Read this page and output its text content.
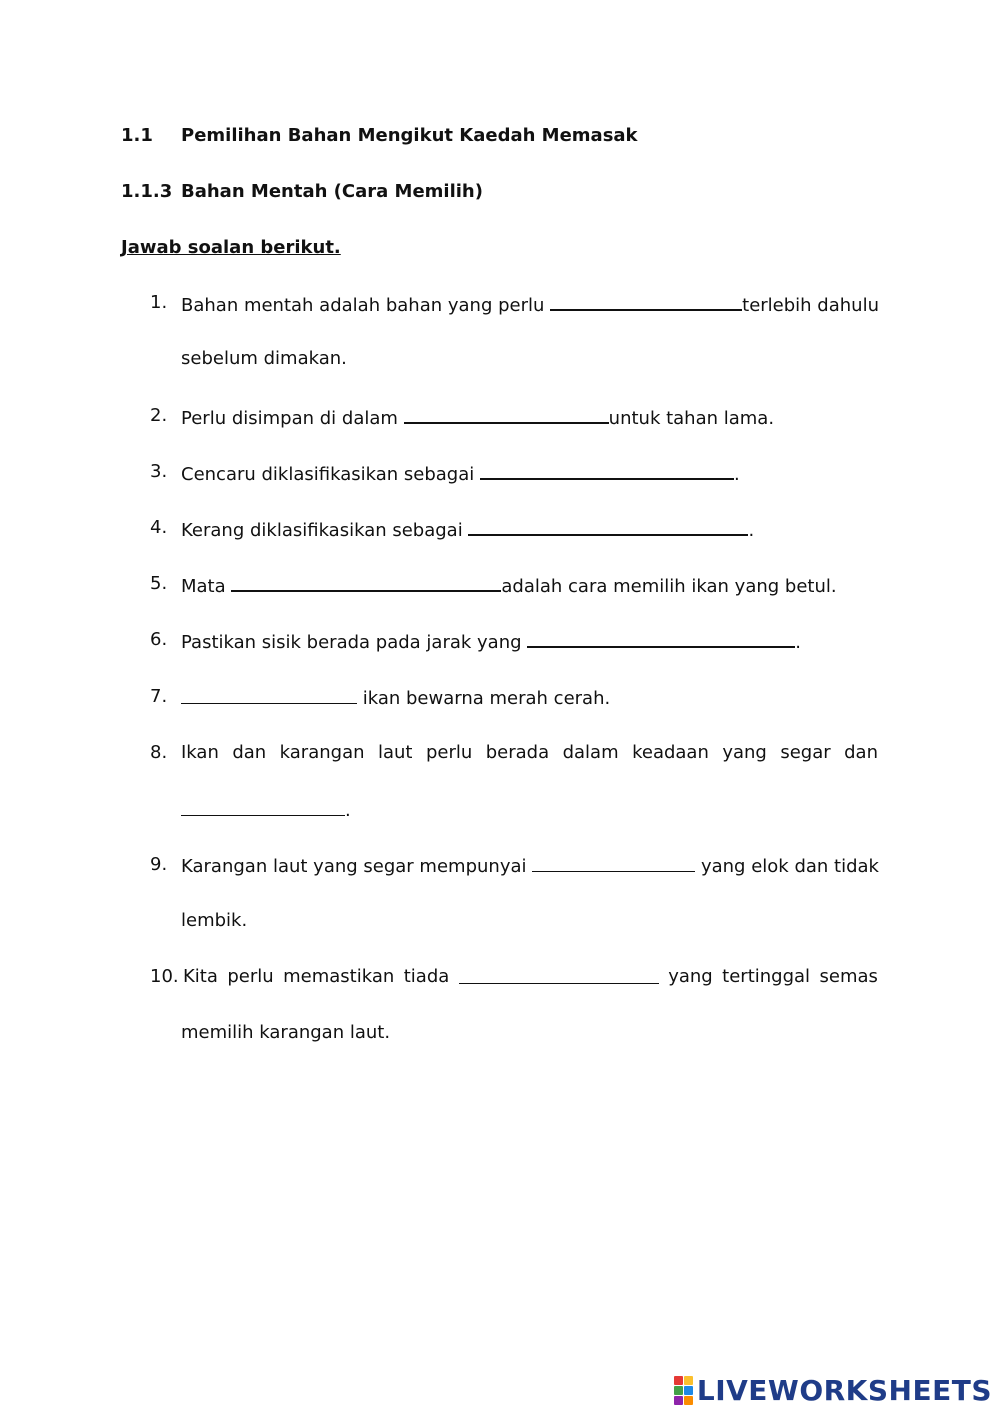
1.1 Pemilihan Bahan Mengikut Kaedah Memasak
1.1.3 Bahan Mentah (Cara Memilih)
Jawab soalan berikut.
1. Bahan mentah adalah bahan yang perlu	terlebih dahulu
sebelum dimakan.
2. Perlu disimpan di dalam	untuk tahan lama.
3. Cencaru diklasifikasikan sebagai	.
4. Kerang diklasifikasikan sebagai	.
5. Mata	adalah cara memilih ikan yang betul.
6. Pastikan sisik berada pada jarak yang	.
7.	ikan bewarna merah cerah.
8. Ikan dan karangan laut perlu berada dalam keadaan yang segar dan
.
9. Karangan laut yang segar mempunyai	yang elok dan tidak
lembik.
10. Kita perlu memastikan tiada	yang tertinggal semas
memilih karangan laut.
LIVEWORKSHEETS
